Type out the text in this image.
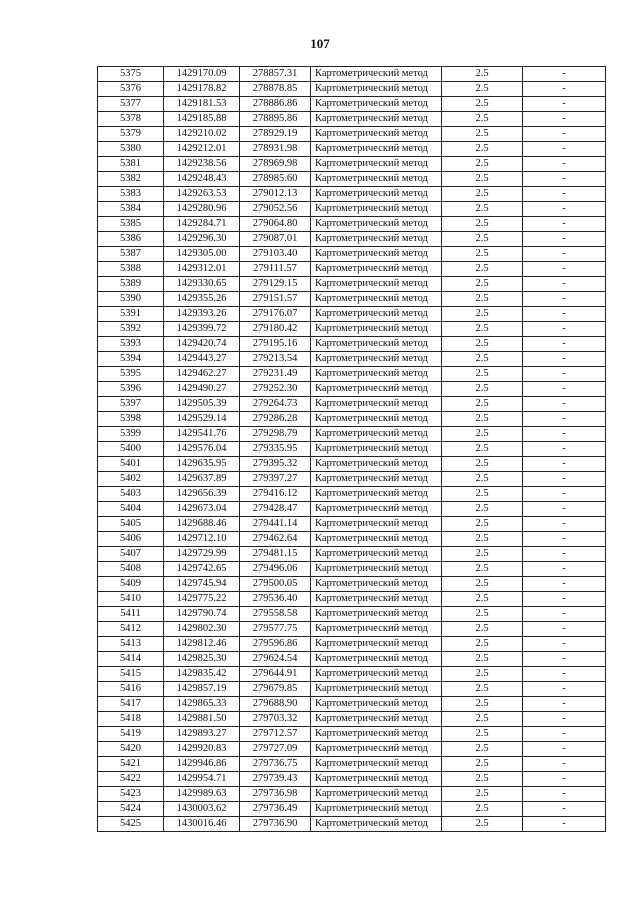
107
5375	1429170.09	278857.31	Картометрический метод	2.5	-
5376	1429178.82	278878.85	Картометрический метод	2.5	-
5377	1429181.53	278886.86	Картометрический метод	2.5	-
5378	1429185.88	278895.86	Картометрический метод	2.5	-
5379	1429210.02	278929.19	Картометрический метод	2.5	-
5380	1429212.01	278931.98	Картометрический метод	2.5	-
5381	1429238.56	278969.98	Картометрический метод	2.5	-
5382	1429248.43	278985.60	Картометрический метод	2.5	-
5383	1429263.53	279012.13	Картометрический метод	2.5	-
5384	1429280.96	279052.56	Картометрический метод	2.5	-
5385	1429284.71	279064.80	Картометрический метод	2.5	-
5386	1429296.30	279087.01	Картометрический метод	2.5	-
5387	1429305.00	279103.40	Картометрический метод	2.5	-
5388	1429312.01	279111.57	Картометрический метод	2.5	-
5389	1429330.65	279129.15	Картометрический метод	2.5	-
5390	1429355.26	279151.57	Картометрический метод	2.5	-
5391	1429393.26	279176.07	Картометрический метод	2.5	-
5392	1429399.72	279180.42	Картометрический метод	2.5	-
5393	1429420.74	279195.16	Картометрический метод	2.5	-
5394	1429443.27	279213.54	Картометрический метод	2.5	-
5395	1429462.27	279231.49	Картометрический метод	2.5	-
5396	1429490.27	279252.30	Картометрический метод	2.5	-
5397	1429505.39	279264.73	Картометрический метод	2.5	-
5398	1429529.14	279286.28	Картометрический метод	2.5	-
5399	1429541.76	279298.79	Картометрический метод	2.5	-
5400	1429576.04	279335.95	Картометрический метод	2.5	-
5401	1429635.95	279395.32	Картометрический метод	2.5	-
5402	1429637.89	279397.27	Картометрический метод	2.5	-
5403	1429656.39	279416.12	Картометрический метод	2.5	-
5404	1429673.04	279428.47	Картометрический метод	2.5	-
5405	1429688.46	279441.14	Картометрический метод	2.5	-
5406	1429712.10	279462.64	Картометрический метод	2.5	-
5407	1429729.99	279481.15	Картометрический метод	2.5	-
5408	1429742.65	279496.06	Картометрический метод	2.5	-
5409	1429745.94	279500.05	Картометрический метод	2.5	-
5410	1429775.22	279536.40	Картометрический метод	2.5	-
5411	1429790.74	279558.58	Картометрический метод	2.5	-
5412	1429802.30	279577.75	Картометрический метод	2.5	-
5413	1429812.46	279596.86	Картометрический метод	2.5	-
5414	1429825.30	279624.54	Картометрический метод	2.5	-
5415	1429835.42	279644.91	Картометрический метод	2.5	-
5416	1429857.19	279679.85	Картометрический метод	2.5	-
5417	1429865.33	279688.90	Картометрический метод	2.5	-
5418	1429881.50	279703.32	Картометрический метод	2.5	-
5419	1429893.27	279712.57	Картометрический метод	2.5	-
5420	1429920.83	279727.09	Картометрический метод	2.5	-
5421	1429946.86	279736.75	Картометрический метод	2.5	-
5422	1429954.71	279739.43	Картометрический метод	2.5	-
5423	1429989.63	279736.98	Картометрический метод	2.5	-
5424	1430003.62	279736.49	Картометрический метод	2.5	-
5425	1430016.46	279736.90	Картометрический метод	2.5	-
